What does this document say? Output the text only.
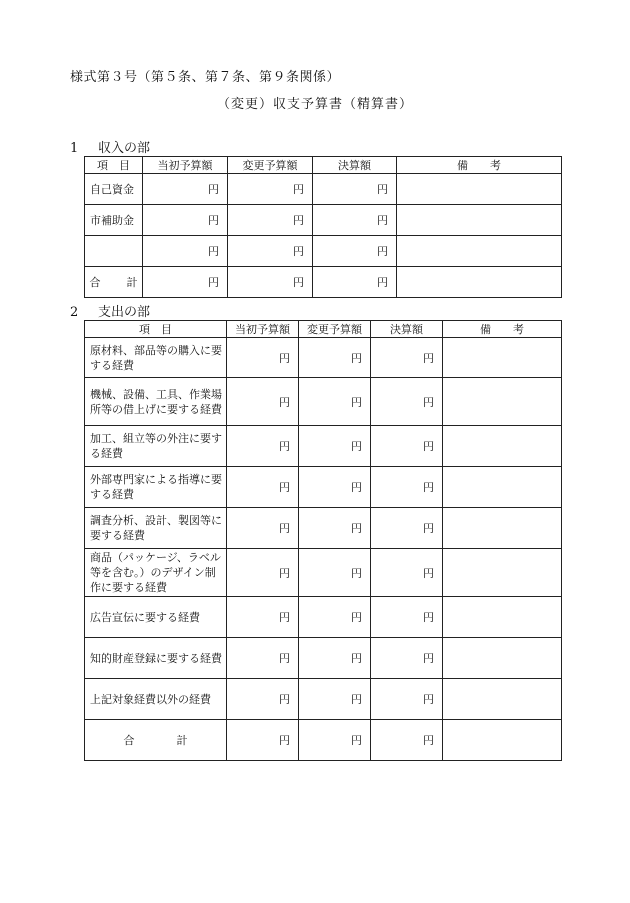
様式第３号（第５条、第７条、第９条関係）
（変更）収支予算書（精算書）
1 収入の部
項　目	当初予算額	変更予算額	決算額	備　　考
自己資金	円	円	円	
市補助金	円	円	円	
	円	円	円	
合 計	円	円	円	
2 支出の部
項　目	当初予算額	変更予算額	決算額	備　　考
原材料、部品等の購入に要する経費	円	円	円	
機械、設備、工具、作業場所等の借上げに要する経費	円	円	円	
加工、組立等の外注に要する経費	円	円	円	
外部専門家による指導に要する経費	円	円	円	
調査分析、設計、製図等に要する経費	円	円	円	
商品（パッケージ、ラベル等を含む。）のデザイン制作に要する経費	円	円	円	
広告宣伝に要する経費	円	円	円	
知的財産登録に要する経費	円	円	円	
上記対象経費以外の経費	円	円	円	
合 計	円	円	円	
